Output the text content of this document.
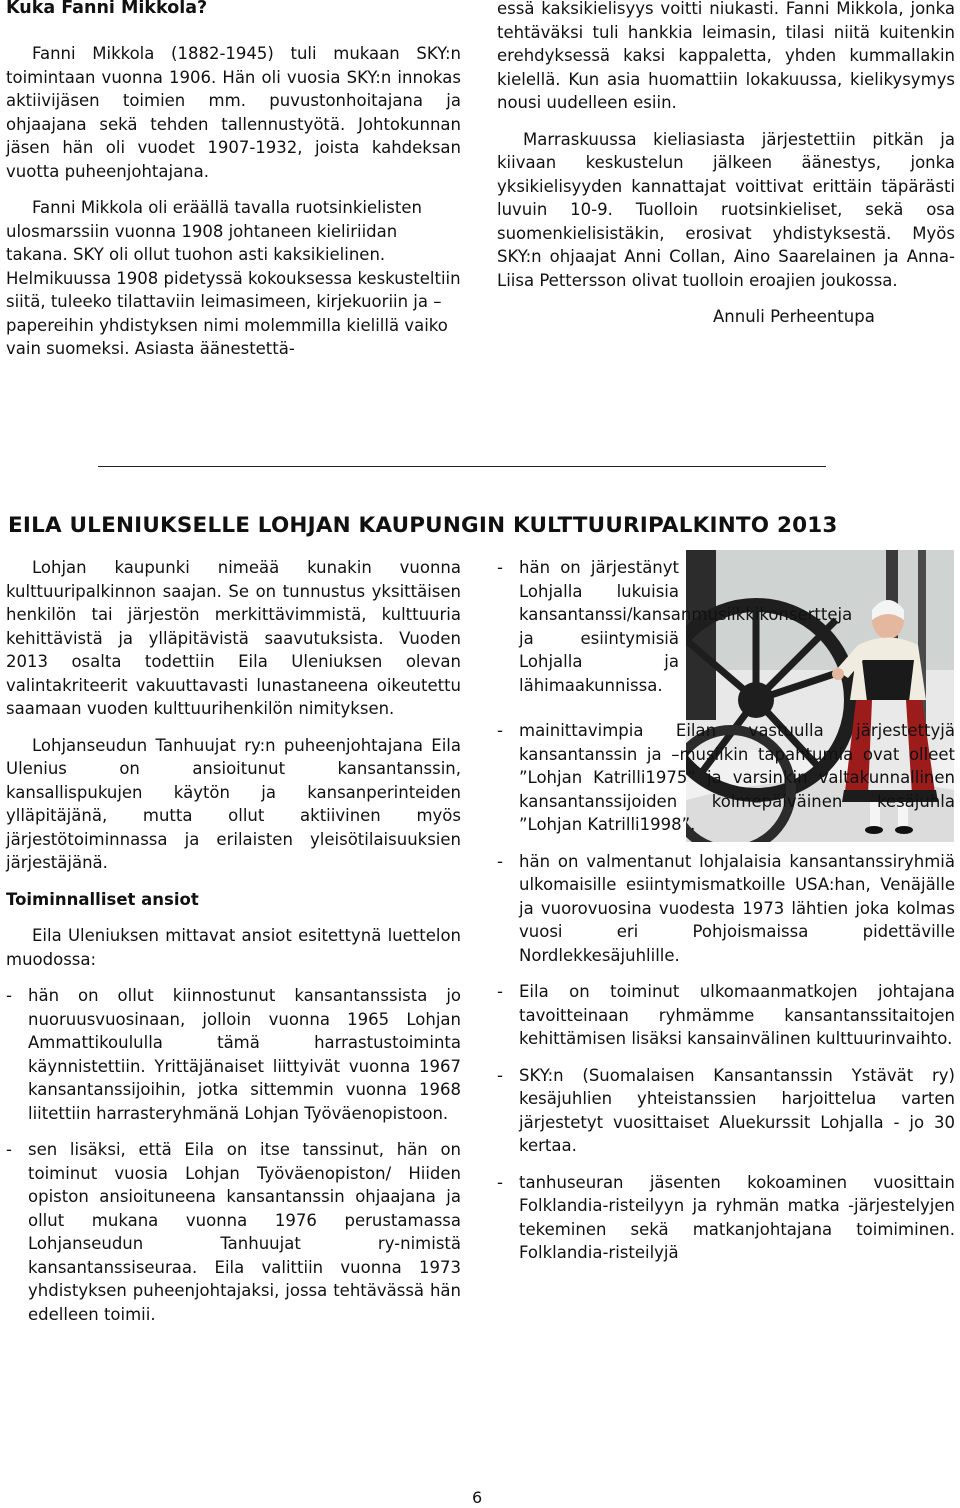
Kuka Fanni Mikkola?

Fanni Mikkola (1882-1945) tuli mukaan SKY:n toimintaan vuonna 1906. Hän oli vuosia SKY:n innokas aktiivijäsen toimien mm. puvustonhoitajana ja ohjaajana sekä tehden tallennustyötä. Johtokunnan jäsen hän oli vuodet 1907-1932, joista kahdeksan vuotta puheenjohtajana.

Fanni Mikkola oli eräällä tavalla ruotsinkielisten ulosmarssiin vuonna 1908 johtaneen kieliriidan takana. SKY oli ollut tuohon asti kaksikielinen. Helmikuussa 1908 pidetyssä kokouksessa keskusteltiin siitä, tuleeko tilattaviin leimasimeen, kirjekuoriin ja –papereihin yhdistyksen nimi molemmilla kielillä vaiko vain suomeksi. Asiasta äänestettä-

essä kaksikielisyys voitti niukasti. Fanni Mikkola, jonka tehtäväksi tuli hankkia leimasin, tilasi niitä kuitenkin erehdyksessä kaksi kappaletta, yhden kummallakin kielellä. Kun asia huomattiin lokakuussa, kielikysymys nousi uudelleen esiin.

Marraskuussa kieliasiasta järjestettiin pitkän ja kiivaan keskustelun jälkeen äänestys, jonka yksikielisyyden kannattajat voittivat erittäin täpärästi luvuin 10-9. Tuolloin ruotsinkieliset, sekä osa suomenkielisistäkin, erosivat yhdistyksestä. Myös SKY:n ohjaajat Anni Collan, Aino Saarelainen ja Anna-Liisa Pettersson olivat tuolloin eroajien joukossa.

Annuli Perheentupa

EILA ULENIUKSELLE LOHJAN KAUPUNGIN KULTTUURIPALKINTO 2013

Lohjan kaupunki nimeää kunakin vuonna kulttuuripalkinnon saajan. Se on tunnustus yksittäisen henkilön tai järjestön merkittävimmistä, kulttuuria kehittävistä ja ylläpitävistä saavutuksista. Vuoden 2013 osalta todettiin Eila Uleniuksen olevan valintakriteerit vakuuttavasti lunastaneena oikeutettu saamaan vuoden kulttuurihenkilön nimityksen.

Lohjanseudun Tanhuujat ry:n puheenjohtajana Eila Ulenius on ansioitunut kansantanssin, kansallispukujen käytön ja kansanperinteiden ylläpitäjänä, mutta ollut aktiivinen myös järjestötoiminnassa ja erilaisten yleisötilaisuuksien järjestäjänä.

Toiminnalliset ansiot

Eila Uleniuksen mittavat ansiot esitettynä luettelon muodossa:

- hän on ollut kiinnostunut kansantanssista jo nuoruusvuosinaan, jolloin vuonna 1965 Lohjan Ammattikoululla tämä harrastustoiminta käynnistettiin. Yrittäjänaiset liittyivät vuonna 1967 kansantanssijoihin, jotka sittemmin vuonna 1968 liitettiin harrasteryhmänä Lohjan Työväenopistoon.
- sen lisäksi, että Eila on itse tanssinut, hän on toiminut vuosia Lohjan Työväenopiston/ Hiiden opiston ansioituneena kansantanssin ohjaajana ja ollut mukana vuonna 1976 perustamassa Lohjanseudun Tanhuujat ry-nimistä kansantanssiseuraa. Eila valittiin vuonna 1973 yhdistyksen puheenjohtajaksi, jossa tehtävässä hän edelleen toimii.
- hän on järjestänyt Lohjalla lukuisia kansantanssi/kansanmusiikkikonsertteja ja esiintymisiä Lohjalla ja lähimaakunnissa.
- mainittavimpia Eilan vastuulla järjestettyjä kansantanssin ja –musiikin tapahtumia ovat olleet ”Lohjan Katrilli1975” ja varsinkin valtakunnallinen kansantanssijoiden kolmepäiväinen kesäjuhla ”Lohjan Katrilli1998”.
- hän on valmentanut lohjalaisia kansantanssiryhmiä ulkomaisille esiintymismatkoille USA:han, Venäjälle ja vuorovuosina vuodesta 1973 lähtien joka kolmas vuosi eri Pohjoismaissa pidettäville Nordlekkesäjuhlille.
- Eila on toiminut ulkomaanmatkojen johtajana tavoitteinaan ryhmämme kansantanssitaitojen kehittämisen lisäksi kansainvälinen kulttuurinvaihto.
- SKY:n (Suomalaisen Kansantanssin Ystävät ry) kesäjuhlien yhteistanssien harjoittelua varten järjestetyt vuosittaiset Aluekurssit Lohjalla - jo 30 kertaa.
- tanhuseuran jäsenten kokoaminen vuosittain Folklandia-risteilyyn ja ryhmän matka -järjestelyjen tekeminen sekä matkanjohtajana toimiminen. Folklandia-risteilyjä
6
